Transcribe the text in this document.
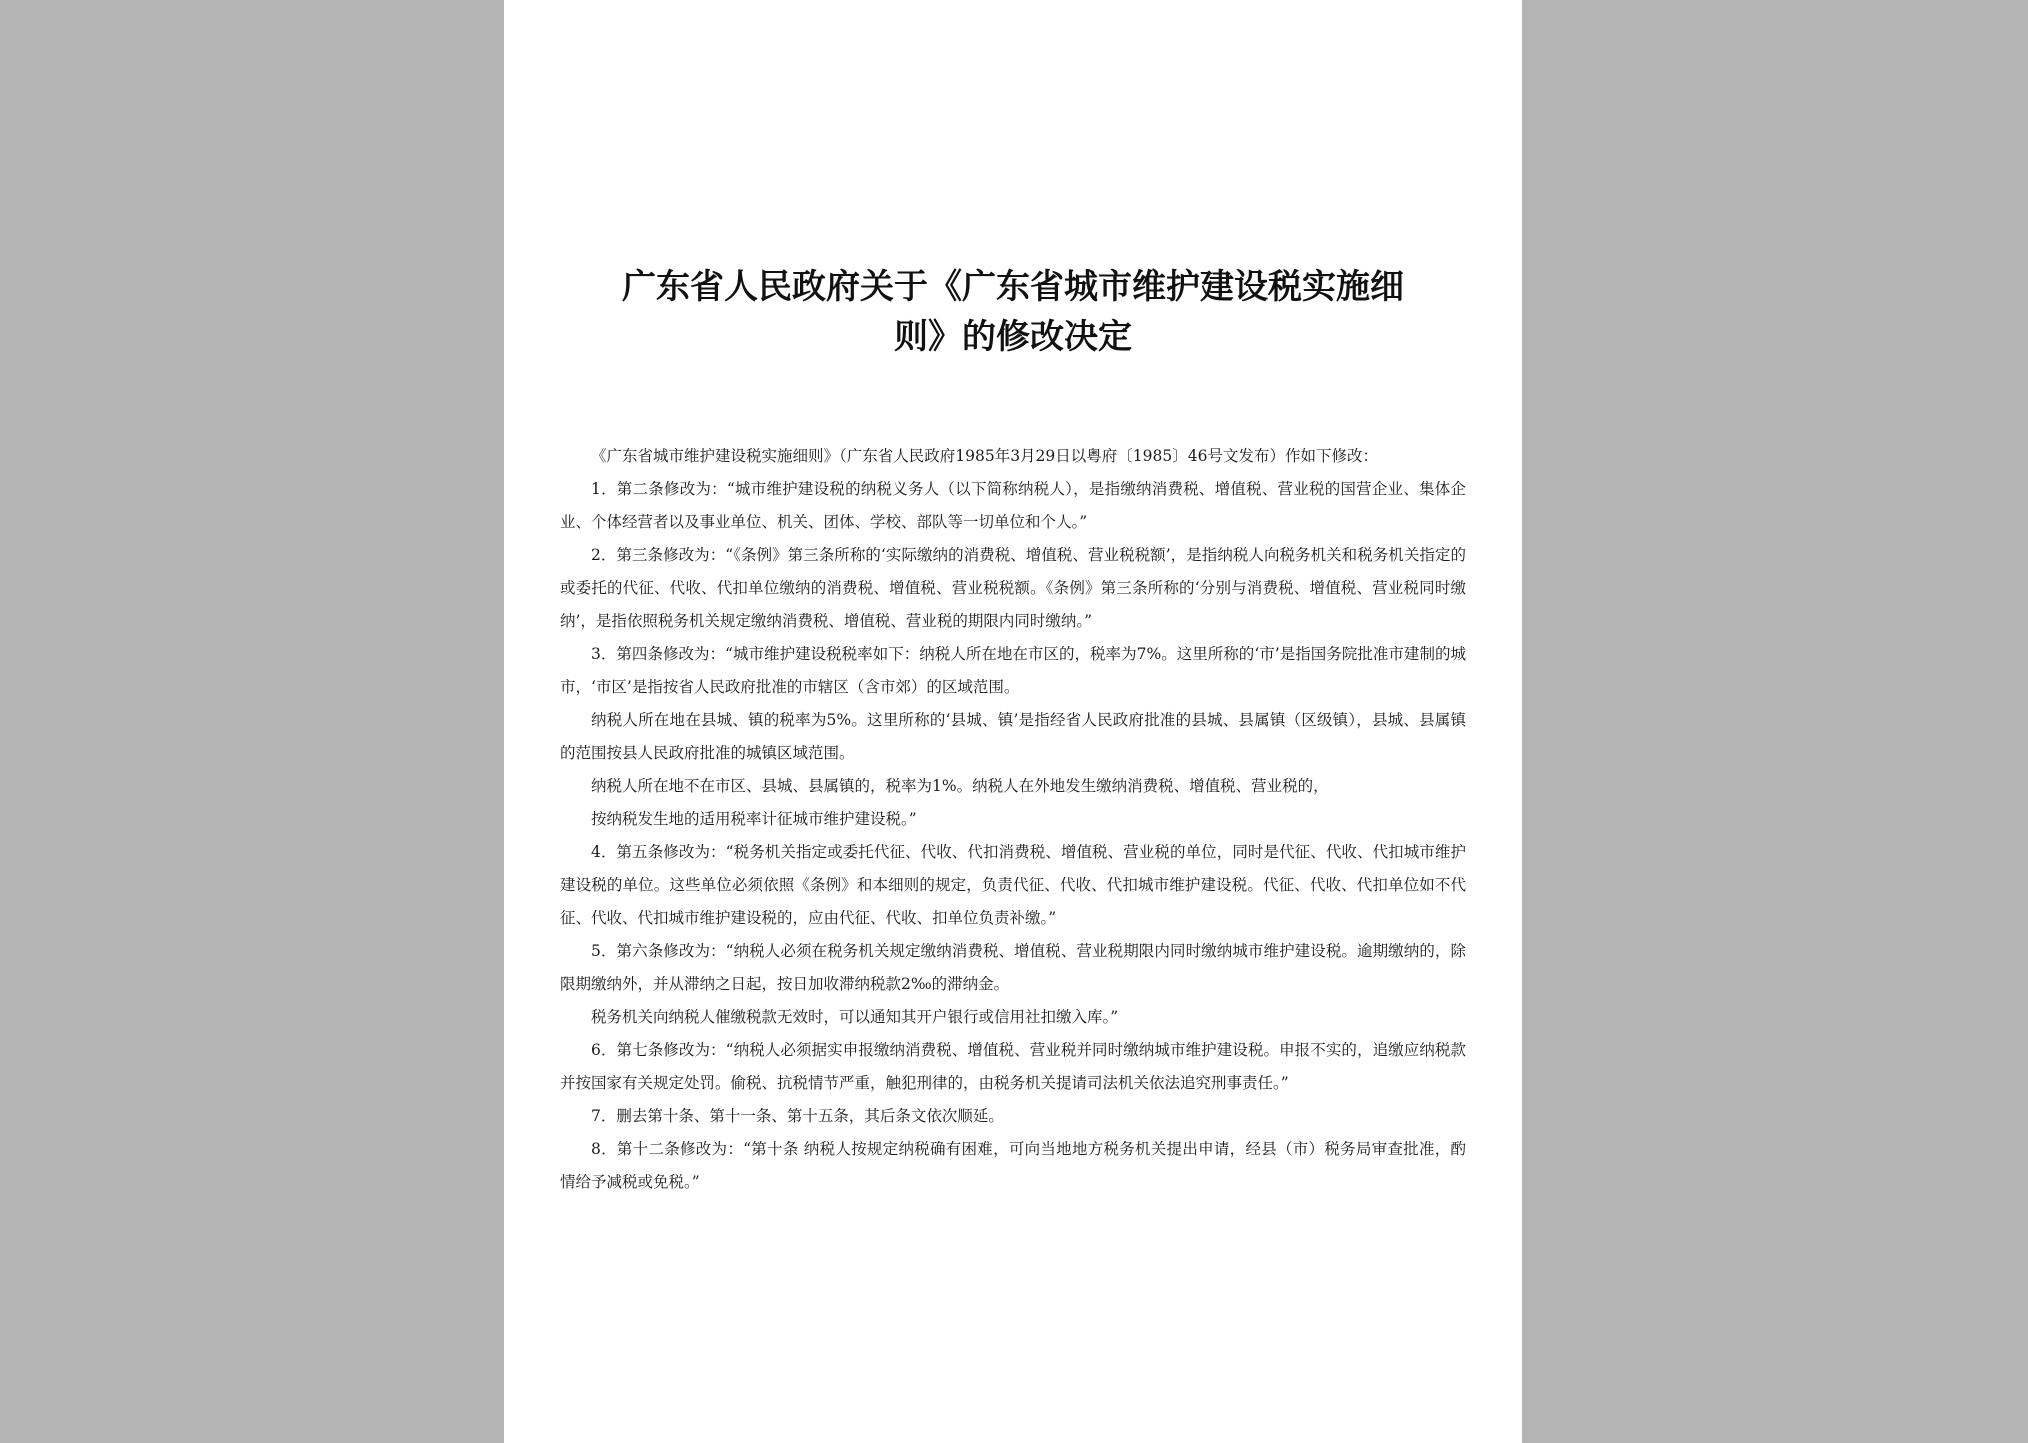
广东省人民政府关于《广东省城市维护建设税实施细
则》的修改决定

《广东省城市维护建设税实施细则》（广东省人民政府1985年3月29日以粤府〔1985〕46号文发布）作如下修改：

1．第二条修改为：“城市维护建设税的纳税义务人（以下简称纳税人），是指缴纳消费税、增值税、营业税的国营企业、集体企业、个体经营者以及事业单位、机关、团体、学校、部队等一切单位和个人。”

2．第三条修改为：“《条例》第三条所称的‘实际缴纳的消费税、增值税、营业税税额’，是指纳税人向税务机关和税务机关指定的或委托的代征、代收、代扣单位缴纳的消费税、增值税、营业税税额。《条例》第三条所称的‘分别与消费税、增值税、营业税同时缴纳’，是指依照税务机关规定缴纳消费税、增值税、营业税的期限内同时缴纳。”

3．第四条修改为：“城市维护建设税税率如下：纳税人所在地在市区的，税率为7%。这里所称的‘市’是指国务院批准市建制的城市，‘市区’是指按省人民政府批准的市辖区（含市郊）的区域范围。

纳税人所在地在县城、镇的税率为5%。这里所称的‘县城、镇’是指经省人民政府批准的县城、县属镇（区级镇），县城、县属镇的范围按县人民政府批准的城镇区域范围。

纳税人所在地不在市区、县城、县属镇的，税率为1%。纳税人在外地发生缴纳消费税、增值税、营业税的，

按纳税发生地的适用税率计征城市维护建设税。”

4．第五条修改为：“税务机关指定或委托代征、代收、代扣消费税、增值税、营业税的单位，同时是代征、代收、代扣城市维护建设税的单位。这些单位必须依照《条例》和本细则的规定，负责代征、代收、代扣城市维护建设税。代征、代收、代扣单位如不代征、代收、代扣城市维护建设税的，应由代征、代收、扣单位负责补缴。”

5．第六条修改为：“纳税人必须在税务机关规定缴纳消费税、增值税、营业税期限内同时缴纳城市维护建设税。逾期缴纳的，除限期缴纳外，并从滞纳之日起，按日加收滞纳税款2‰的滞纳金。

税务机关向纳税人催缴税款无效时，可以通知其开户银行或信用社扣缴入库。”

6．第七条修改为：“纳税人必须据实申报缴纳消费税、增值税、营业税并同时缴纳城市维护建设税。申报不实的，追缴应纳税款并按国家有关规定处罚。偷税、抗税情节严重，触犯刑律的，由税务机关提请司法机关依法追究刑事责任。”

7．删去第十条、第十一条、第十五条，其后条文依次顺延。

8．第十二条修改为：“第十条 纳税人按规定纳税确有困难，可向当地地方税务机关提出申请，经县（市）税务局审查批准，酌情给予减税或免税。”
